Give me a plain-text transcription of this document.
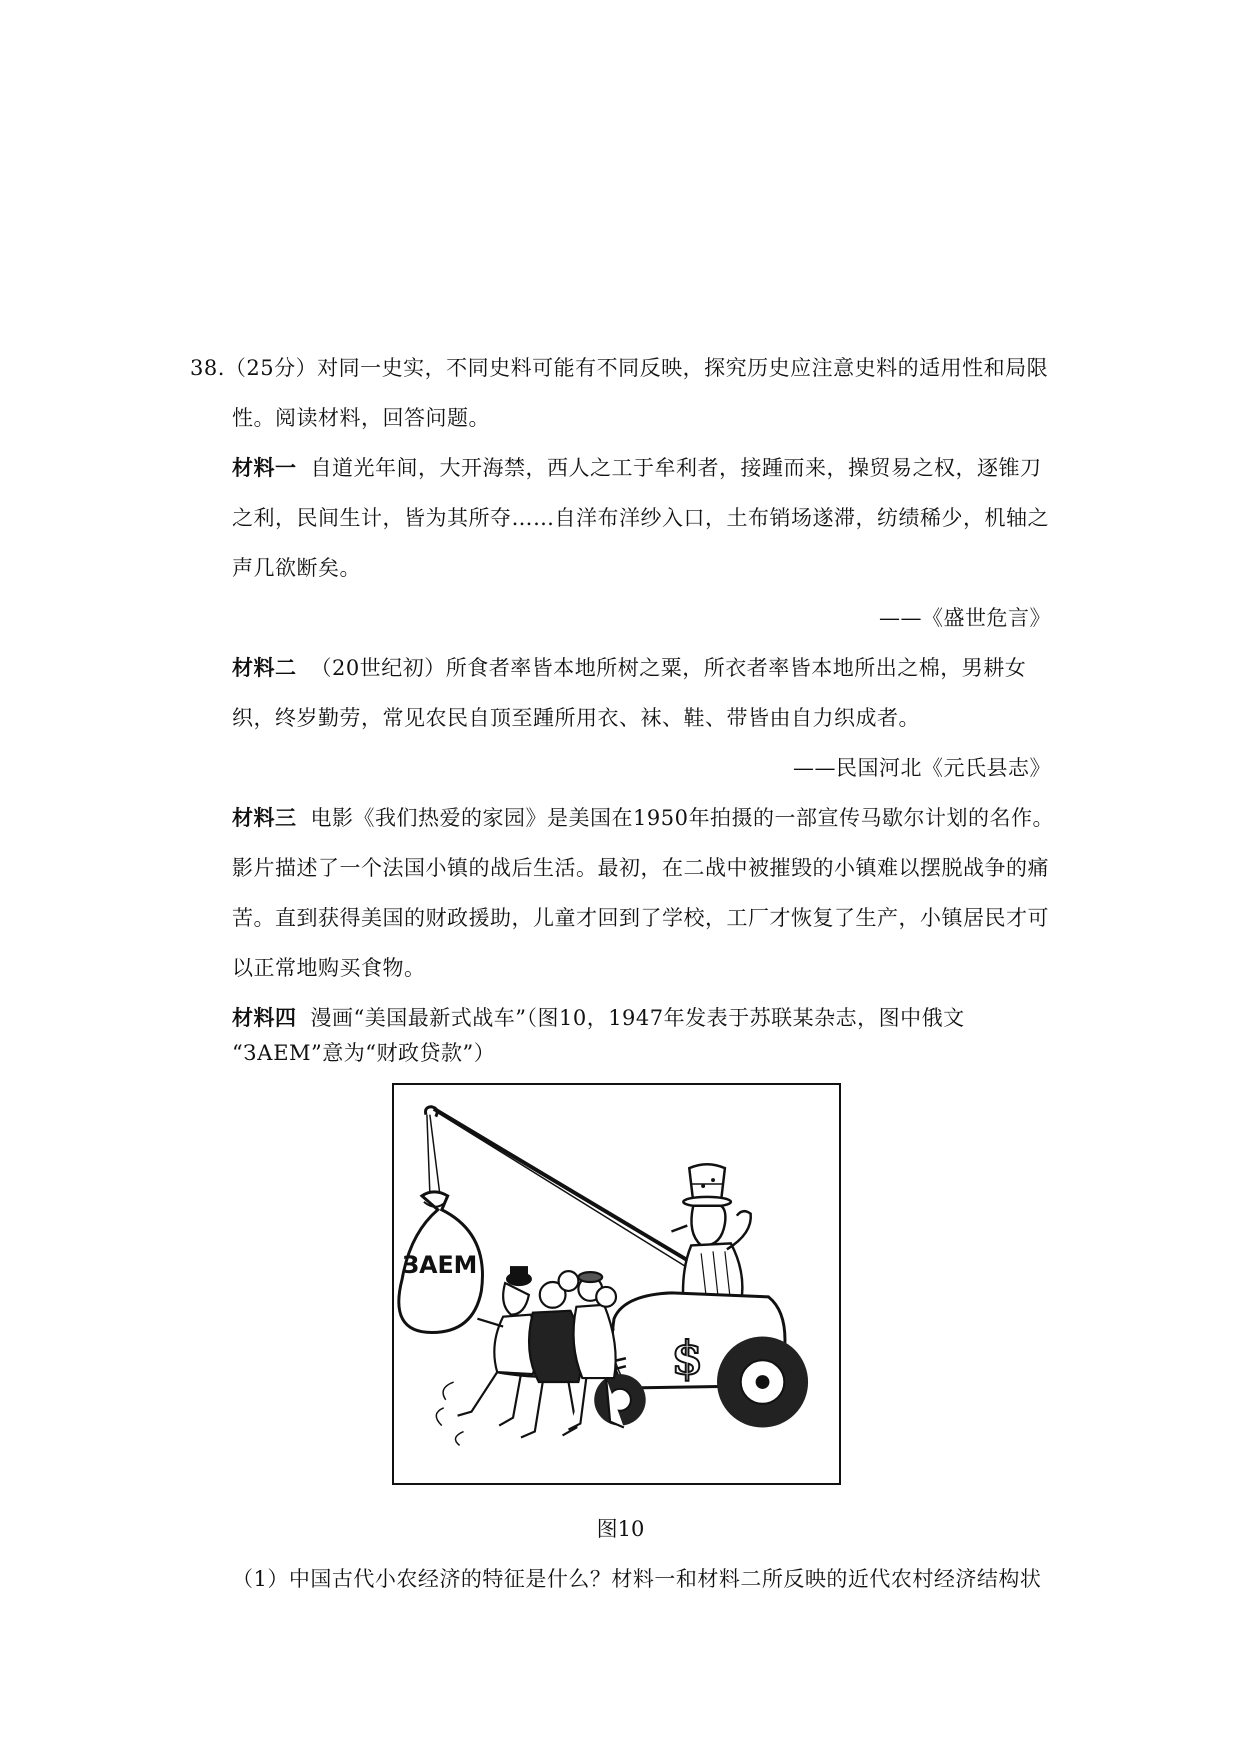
38.（25分）对同一史实，不同史料可能有不同反映，探究历史应注意史料的适用性和局限
性。阅读材料，回答问题。
材料一 自道光年间，大开海禁，西人之工于牟利者，接踵而来，操贸易之权，逐锥刀
之利，民间生计，皆为其所夺……自洋布洋纱入口，土布销场遂滞，纺绩稀少，机轴之
声几欲断矣。
——《盛世危言》
材料二 （20世纪初）所食者率皆本地所树之粟，所衣者率皆本地所出之棉，男耕女
织，终岁勤劳，常见农民自顶至踵所用衣、袜、鞋、带皆由自力织成者。
——民国河北《元氏县志》
材料三 电影《我们热爱的家园》是美国在1950年拍摄的一部宣传马歇尔计划的名作。
影片描述了一个法国小镇的战后生活。最初，在二战中被摧毁的小镇难以摆脱战争的痛
苦。直到获得美国的财政援助，儿童才回到了学校，工厂才恢复了生产，小镇居民才可
以正常地购买食物。
材料四 漫画“美国最新式战车”（图10，1947年发表于苏联某杂志，图中俄文
“ЗАЕМ”意为“财政贷款”）
ЗАЕМ
$
图10
（1）中国古代小农经济的特征是什么？材料一和材料二所反映的近代农村经济结构状
